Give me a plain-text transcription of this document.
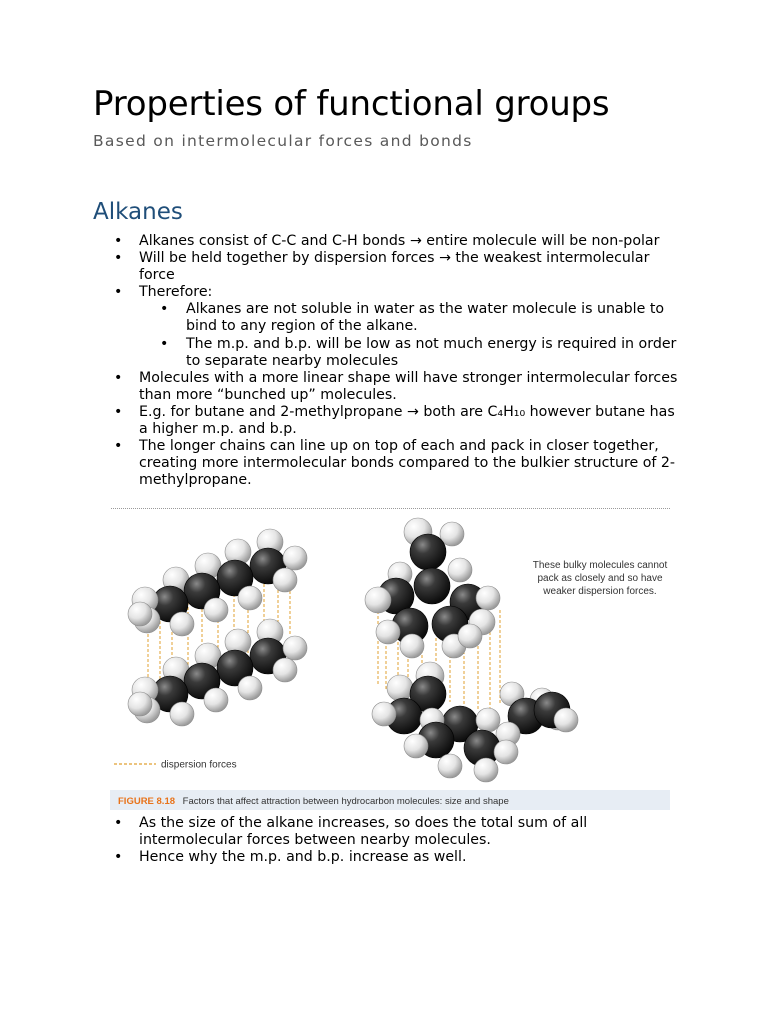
Properties of functional groups
Based on intermolecular forces and bonds
Alkanes
• Alkanes consist of C-C and C-H bonds → entire molecule will be non-polar
• Will be held together by dispersion forces → the weakest intermolecular force
• Therefore:
• Alkanes are not soluble in water as the water molecule is unable to bind to any region of the alkane.
• The m.p. and b.p. will be low as not much energy is required in order to separate nearby molecules
• Molecules with a more linear shape will have stronger intermolecular forces than more “bunched up” molecules.
• E.g. for butane and 2-methylpropane → both are C₄H₁₀ however butane has a higher m.p. and b.p.
• The longer chains can line up on top of each and pack in closer together, creating more intermolecular bonds compared to the bulkier structure of 2-methylpropane.
These bulky molecules cannot
pack as closely and so have
weaker dispersion forces.
dispersion forces
FIGURE 8.18 Factors that affect attraction between hydrocarbon molecules: size and shape
• As the size of the alkane increases, so does the total sum of all intermolecular forces between nearby molecules.
• Hence why the m.p. and b.p. increase as well.
